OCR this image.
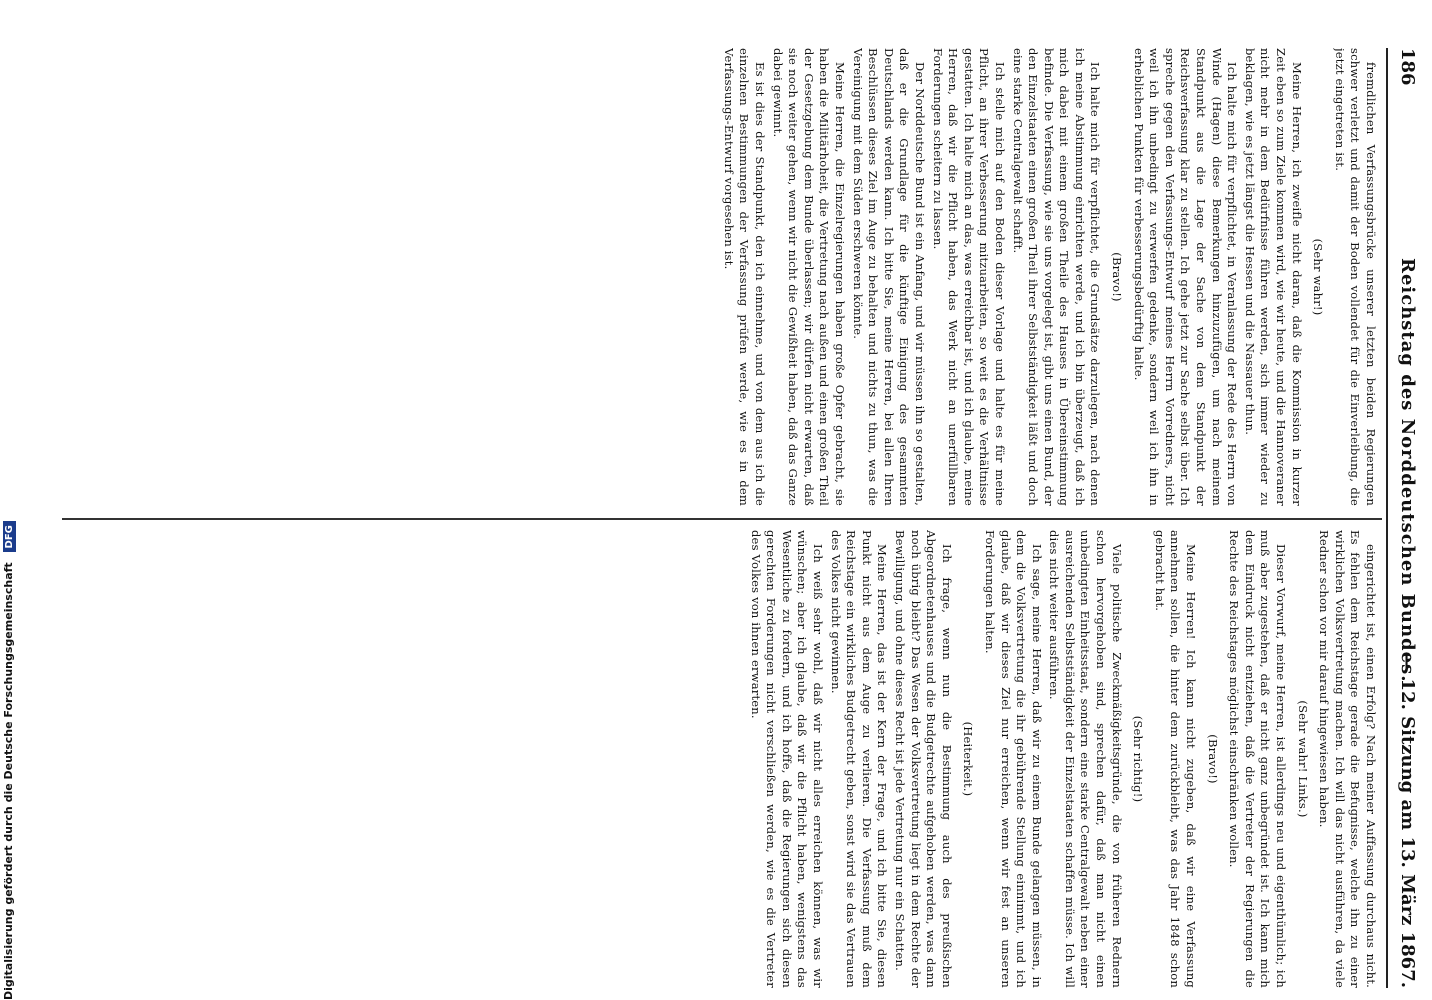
186
Reichstag des Norddeutschen Bundes.
— 12. Sitzung am 13. März 1867.

fremdlichen Verfassungsbrücke unserer letzten beiden Regierungen schwer verletzt und damit der Boden vollendet für die Einverleibung, die jetzt eingetreten ist.

(Sehr wahr!)

Meine Herren, ich zweifle nicht daran, daß die Kommission in kurzer Zeit eben so zum Ziele kommen wird, wie wir heute, und die Hannoveraner nicht mehr in dem Bedürfnisse führen werden, sich immer wieder zu beklagen, wie es jetzt längst die Hessen und die Nassauer thun.

Ich halte mich für verpflichtet, in Veranlassung der Rede des Herrn von Winde (Hagen) diese Bemerkungen hinzuzufügen, um nach meinem Standpunkt aus die Lage der Sache von dem Standpunkt der Reichsverfassung klar zu stellen. Ich gehe jetzt zur Sache selbst über. Ich spreche gegen den Verfassungs-Entwurf meines Herrn Vorredners, nicht weil ich ihn unbedingt zu verwerfen gedenke, sondern weil ich ihn in erheblichen Punkten für verbesserungsbedürftig halte.

(Bravo!)

Ich halte mich für verpflichtet, die Grundsätze darzulegen, nach denen ich meine Abstimmung einrichten werde, und ich bin überzeugt, daß ich mich dabei mit einem großen Theile des Hauses in Übereinstimmung befinde. Die Verfassung, wie sie uns vorgelegt ist, gibt uns einen Bund, der den Einzelstaaten einen großen Theil ihrer Selbstständigkeit läßt und doch eine starke Centralgewalt schafft.

Ich stelle mich auf den Boden dieser Vorlage und halte es für meine Pflicht, an ihrer Verbesserung mitzuarbeiten, so weit es die Verhältnisse gestatten. Ich halte mich an das, was erreichbar ist, und ich glaube, meine Herren, daß wir die Pflicht haben, das Werk nicht an unerfüllbaren Forderungen scheitern zu lassen.

Der Norddeutsche Bund ist ein Anfang, und wir müssen ihn so gestalten, daß er die Grundlage für die künftige Einigung des gesammten Deutschlands werden kann. Ich bitte Sie, meine Herren, bei allen Ihren Beschlüssen dieses Ziel im Auge zu behalten und nichts zu thun, was die Vereinigung mit dem Süden erschweren könnte.

Meine Herren, die Einzelregierungen haben große Opfer gebracht, sie haben die Militärhoheit, die Vertretung nach außen und einen großen Theil der Gesetzgebung dem Bunde überlassen; wir dürfen nicht erwarten, daß sie noch weiter gehen, wenn wir nicht die Gewißheit haben, daß das Ganze dabei gewinnt.

Es ist dies der Standpunkt, den ich einnehme, und von dem aus ich die einzelnen Bestimmungen der Verfassung prüfen werde, wie es in dem Verfassungs-Entwurf vorgesehen ist.

eingerichtet ist, einen Erfolg? Nach meiner Auffassung durchaus nicht. Es fehlen dem Reichstage gerade die Befugnisse, welche ihn zu einer wirklichen Volksvertretung machen. Ich will das nicht ausführen, da viele Redner schon vor mir darauf hingewiesen haben.

(Sehr wahr! Links.)

Dieser Vorwurf, meine Herren, ist allerdings neu und eigenthümlich; ich muß aber zugestehen, daß er nicht ganz unbegründet ist. Ich kann mich dem Eindruck nicht entziehen, daß die Vertreter der Regierungen die Rechte des Reichstages möglichst einschränken wollen.

(Bravo!)

Meine Herren! Ich kann nicht zugeben, daß wir eine Verfassung annehmen sollen, die hinter dem zurückbleibt, was das Jahr 1848 schon gebracht hat.

(Sehr richtig!)

Viele politische Zweckmäßigkeitsgründe, die von früheren Rednern schon hervorgehoben sind, sprechen dafür, daß man nicht einen unbedingten Einheitsstaat, sondern eine starke Centralgewalt neben einer ausreichenden Selbstständigkeit der Einzelstaaten schaffen müsse. Ich will dies nicht weiter ausführen.

Ich sage, meine Herren, daß wir zu einem Bunde gelangen müssen, in dem die Volksvertretung die ihr gebührende Stellung einnimmt, und ich glaube, daß wir dieses Ziel nur erreichen, wenn wir fest an unseren Forderungen halten.

(Heiterkeit.)

Ich frage, wenn nun die Bestimmung auch des preußischen Abgeordnetenhauses und die Budgetrechte aufgehoben werden, was dann noch übrig bleibt? Das Wesen der Volksvertretung liegt in dem Rechte der Bewilligung, und ohne dieses Recht ist jede Vertretung nur ein Schatten.

Meine Herren, das ist der Kern der Frage, und ich bitte Sie, diesen Punkt nicht aus dem Auge zu verlieren. Die Verfassung muß dem Reichstage ein wirkliches Budgetrecht geben, sonst wird sie das Vertrauen des Volkes nicht gewinnen.

Ich weiß sehr wohl, daß wir nicht alles erreichen können, was wir wünschen; aber ich glaube, daß wir die Pflicht haben, wenigstens das Wesentliche zu fordern, und ich hoffe, daß die Regierungen sich diesen gerechten Forderungen nicht verschließen werden, wie es die Vertreter des Volkes von ihnen erwarten.

Digitalisierung gefördert durch die Deutsche Forschungsgemeinschaft DFG
